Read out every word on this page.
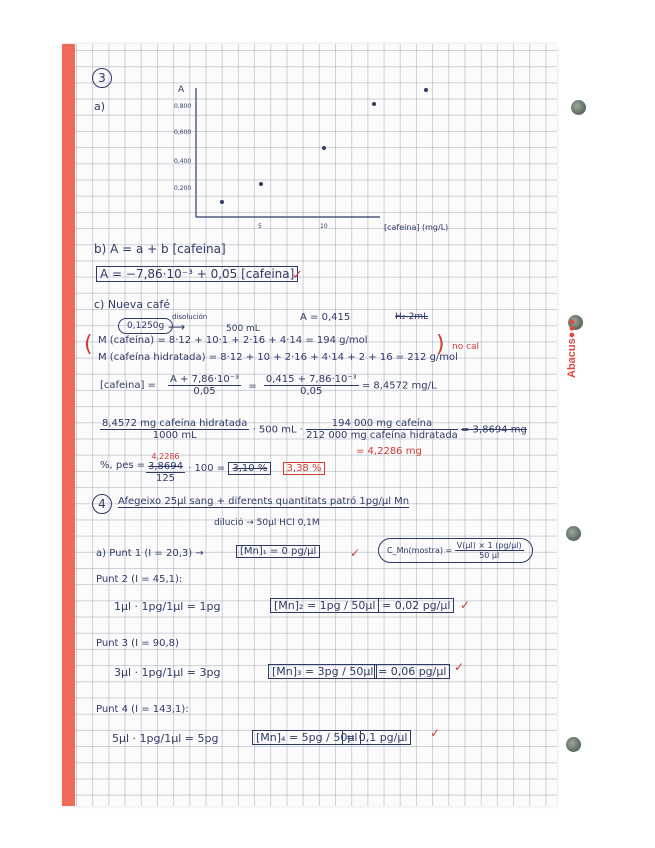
Abacus●●●
3
a)
A
0,800
0,600
0,400
0,200
5	10	[cafeina] (mg/L)
b) A = a + b [cafeina]
A = −7,86·10⁻³ + 0,05 [cafeina]
✓
c) Nueva café
0,1250g
disolución
⟶	500 mL
A = 0,415	H₂-2mL
( M (cafeína) = 8·12 + 10·1 + 2·16 + 4·14 = 194 g/mol
M (cafeína hidratada) = 8·12 + 10 + 2·16 + 4·14 + 2 + 16 = 212 g/mol
) no cal
[cafeina] = $\frac{\text{A + 7,86·10⁻³}}{0,05} = \frac{\text{0,415 + 7,86·10⁻³}}{0,05} = 8,4572$ mg/L
$\frac{\text{8,4572 mg cafeína hidratada}}{1000 mL} \cdot 500$ mL · $\frac{\text{194 000 mg cafeína}}{\text{212 000 mg cafeína hidratada}} = 3,8694$ mg
= 4,2286 mg
%, pes =
4,2286
3,8694
125
· 100 = 3,10 % 3,38 %
4	Afegeixo 25µl sang + diferents quantitats patró 1pg/µl Mn
dilució → 50µl HCl 0,1M
a) Punt 1 (I = 20,3) →	[Mn]₁ = 0 pg/µl	✓	C_Mn(mostra) = $\frac{\text{V(µl) × 1 (pg/µl)}}{\text{50 µl}}$
Punt 2 (I = 45,1):
1µl · 1pg/1µl = 1pg	[Mn]₂ = 1pg / 50µl = 0,02 pg/µl ✓
Punt 3 (I = 90,8)
3µl · 1pg/1µl = 3pg	[Mn]₃ = 3pg / 50µl = 0,06 pg/µl ✓
Punt 4 (I = 143,1):
5µl · 1pg/1µl = 5pg	[Mn]₄ = 5pg / 50µl
= 0,1 pg/µl	✓
